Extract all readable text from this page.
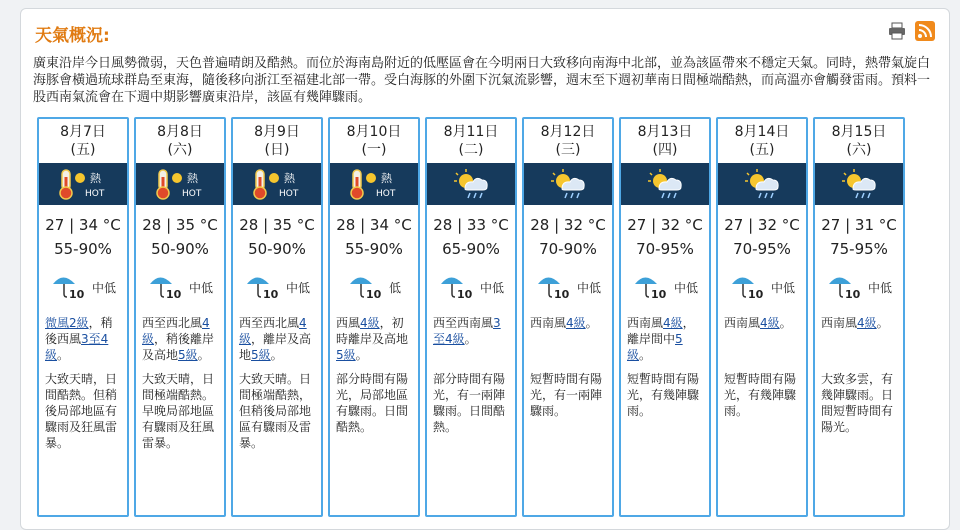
天氣概況:
廣東沿岸今日風勢微弱，天色普遍晴朗及酷熱。而位於海南島附近的低壓區會在今明兩日大致移向南海中北部，並為該區帶來不穩定天氣。同時，熱帶氣旋白海豚會橫過琉球群島至東海，隨後移向浙江至福建北部一帶。受白海豚的外圍下沉氣流影響，週末至下週初華南日間極端酷熱，而高溫亦會觸發雷雨。預料一股西南氣流會在下週中期影響廣東沿岸，該區有幾陣驟雨。
8月7日
(五)
熱
HOT
27 | 34 °C
55-90%
10 中低
微風2級，稍後西風3至4級。
大致天晴，日間酷熱。但稍後局部地區有驟雨及狂風雷暴。
8月8日
(六)
熱
HOT
28 | 35 °C
50-90%
10 中低
西至西北風4級，稍後離岸及高地5級。
大致天晴，日間極端酷熱。早晚局部地區有驟雨及狂風雷暴。
8月9日
(日)
熱
HOT
28 | 35 °C
50-90%
10 中低
西至西北風4級，離岸及高地5級。
大致天晴。日間極端酷熱，但稍後局部地區有驟雨及雷暴。
8月10日
(一)
熱
HOT
28 | 34 °C
55-90%
10 低
西風4級，初時離岸及高地5級。
部分時間有陽光，局部地區有驟雨。日間酷熱。
8月11日
(二)
28 | 33 °C
65-90%
10 中低
西至西南風3至4級。
部分時間有陽光，有一兩陣驟雨。日間酷熱。
8月12日
(三)
28 | 32 °C
70-90%
10 中低
西南風4級。
短暫時間有陽光，有一兩陣驟雨。
8月13日
(四)
27 | 32 °C
70-95%
10 中低
西南風4級，離岸間中5級。
短暫時間有陽光，有幾陣驟雨。
8月14日
(五)
27 | 32 °C
70-95%
10 中低
西南風4級。
短暫時間有陽光，有幾陣驟雨。
8月15日
(六)
27 | 31 °C
75-95%
10 中低
西南風4級。
大致多雲，有幾陣驟雨。日間短暫時間有陽光。
